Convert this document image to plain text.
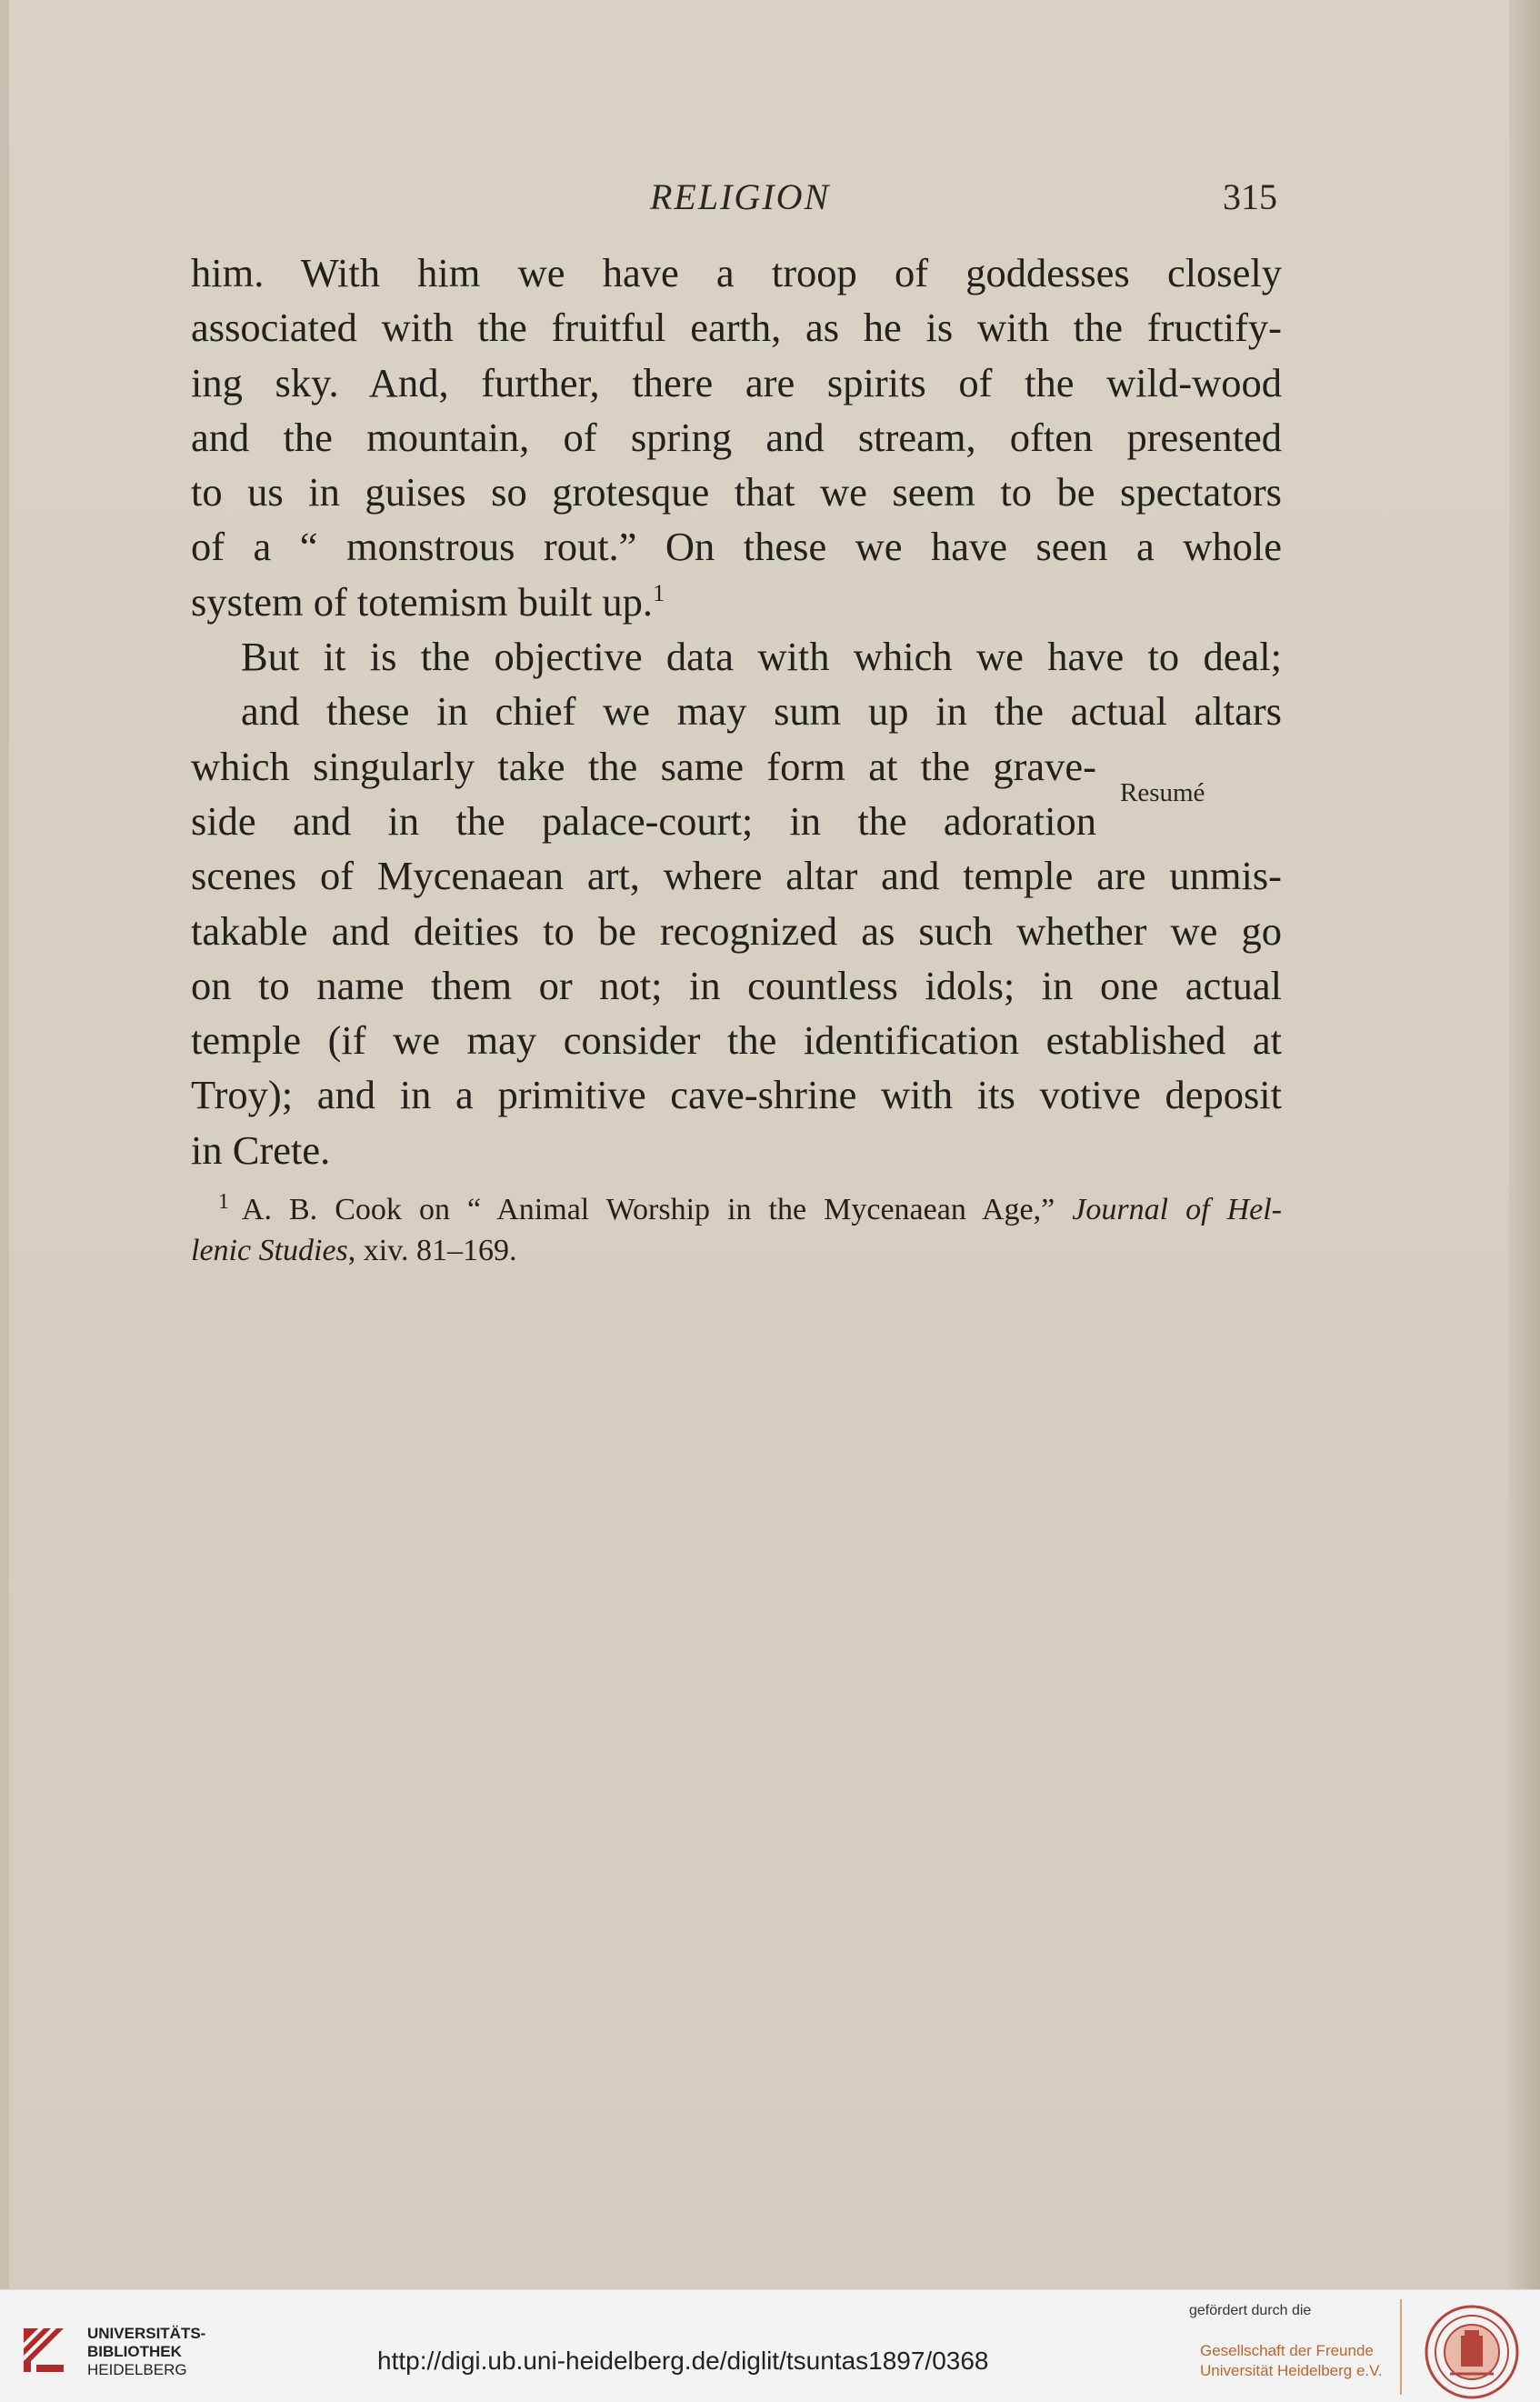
RELIGION	315
him. With him we have a troop of goddesses closely
associated with the fruitful earth, as he is with the fructify-
ing sky. And, further, there are spirits of the wild-wood
and the mountain, of spring and stream, often presented
to us in guises so grotesque that we seem to be spectators
of a “ monstrous rout.” On these we have seen a whole
system of totemism built up.$^1$
But it is the objective data with which we have to deal;
and these in chief we may sum up in the actual altars
which singularly take the same form at the grave-
side and in the palace-court; in the adoration
scenes of Mycenaean art, where altar and temple are unmis-
takable and deities to be recognized as such whether we go
on to name them or not; in countless idols; in one actual
temple (if we may consider the identification established at
Troy); and in a primitive cave-shrine with its votive deposit
in Crete.
Resumé
$^1$ A. B. Cook on “ Animal Worship in the Mycenaean Age,” Journal of Hel-
lenic Studies, xiv. 81–169.
UNIVERSITÄTS-
BIBLIOTHEK
HEIDELBERG	http://digi.ub.uni-heidelberg.de/diglit/tsuntas1897/0368
gefördert durch die
Gesellschaft der Freunde
Universität Heidelberg e.V.
